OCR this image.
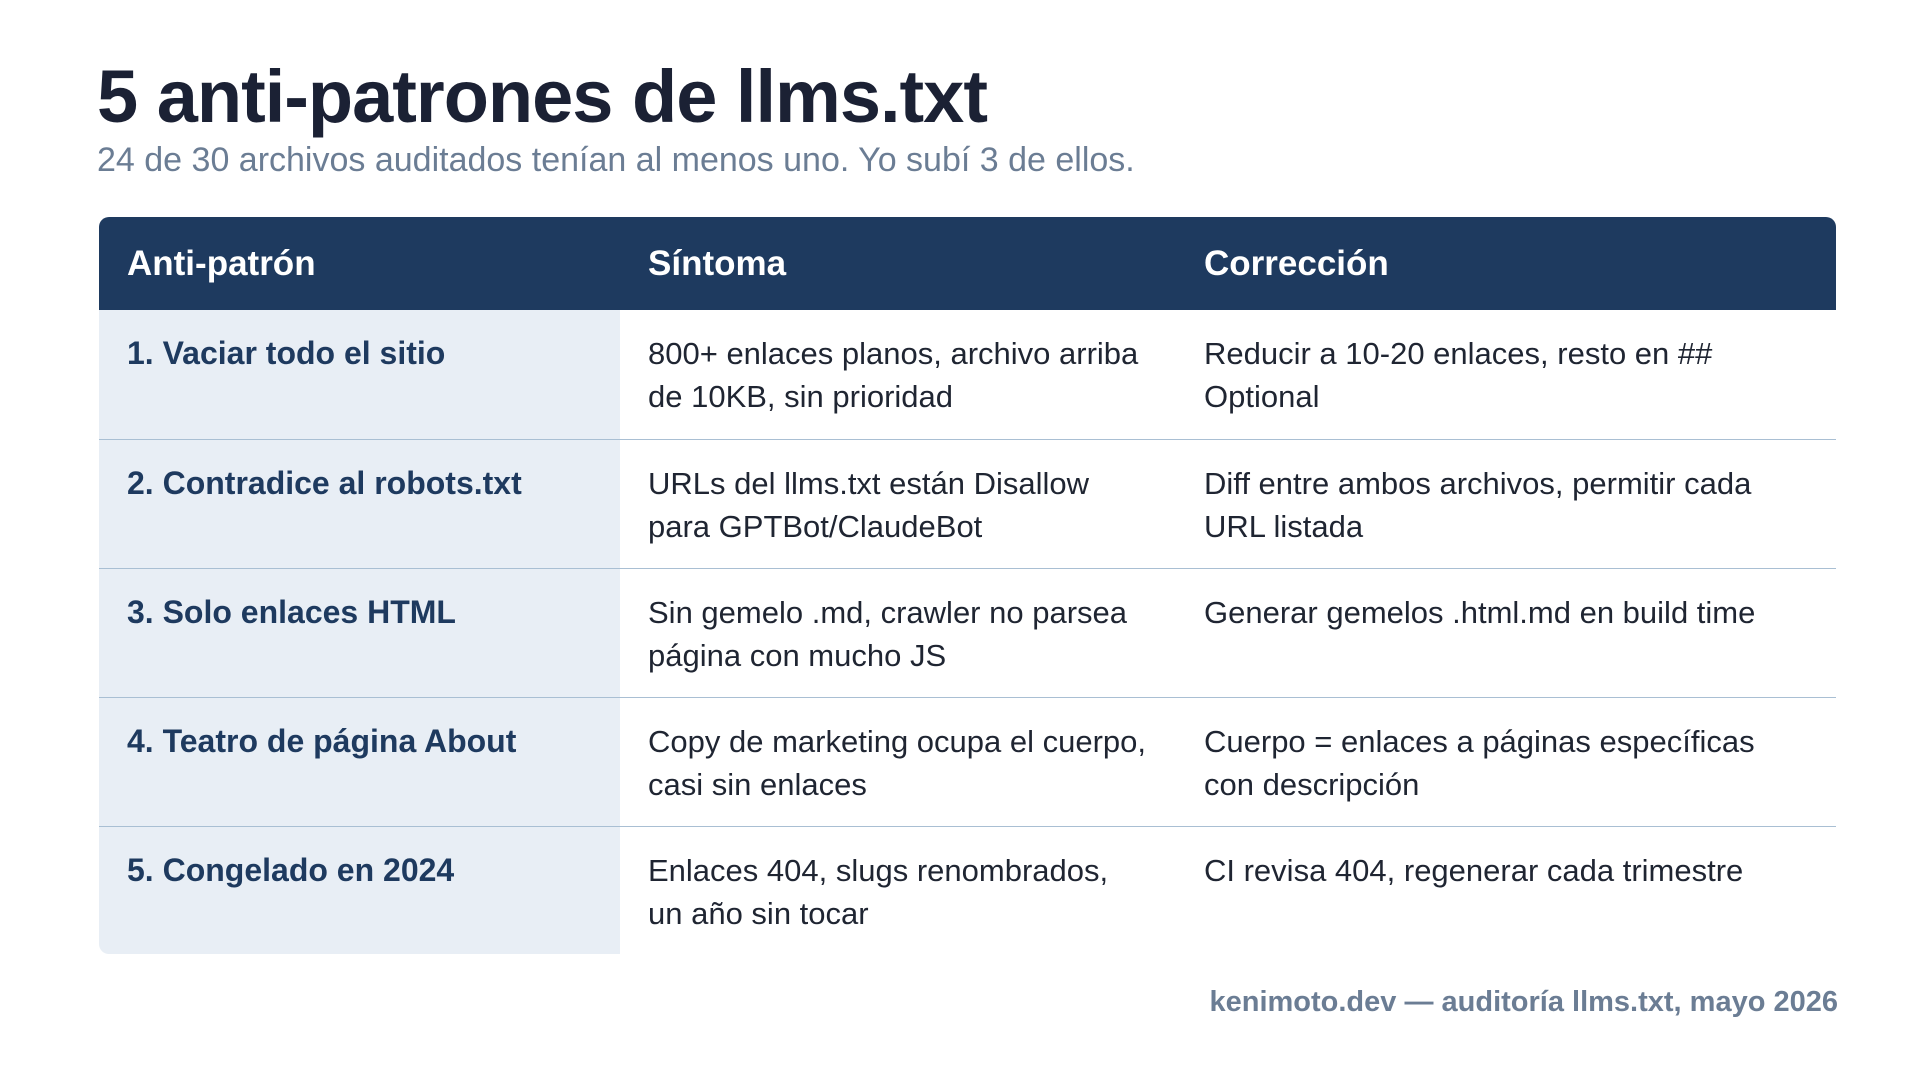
5 anti-patrones de llms.txt

24 de 30 archivos auditados tenían al menos uno. Yo subí 3 de ellos.

Anti-patrón	Síntoma	Corrección
1. Vaciar todo el sitio	800+ enlaces planos, archivo arriba de 10KB, sin prioridad	Reducir a 10-20 enlaces, resto en ## Optional
2. Contradice al robots.txt	URLs del llms.txt están Disallow para GPTBot/ClaudeBot	Diff entre ambos archivos, permitir cada URL listada
3. Solo enlaces HTML	Sin gemelo .md, crawler no parsea página con mucho JS	Generar gemelos .html.md en build time
4. Teatro de página About	Copy de marketing ocupa el cuerpo, casi sin enlaces	Cuerpo = enlaces a páginas específicas con descripción
5. Congelado en 2024	Enlaces 404, slugs renombrados, un año sin tocar	CI revisa 404, regenerar cada trimestre

kenimoto.dev — auditoría llms.txt, mayo 2026
